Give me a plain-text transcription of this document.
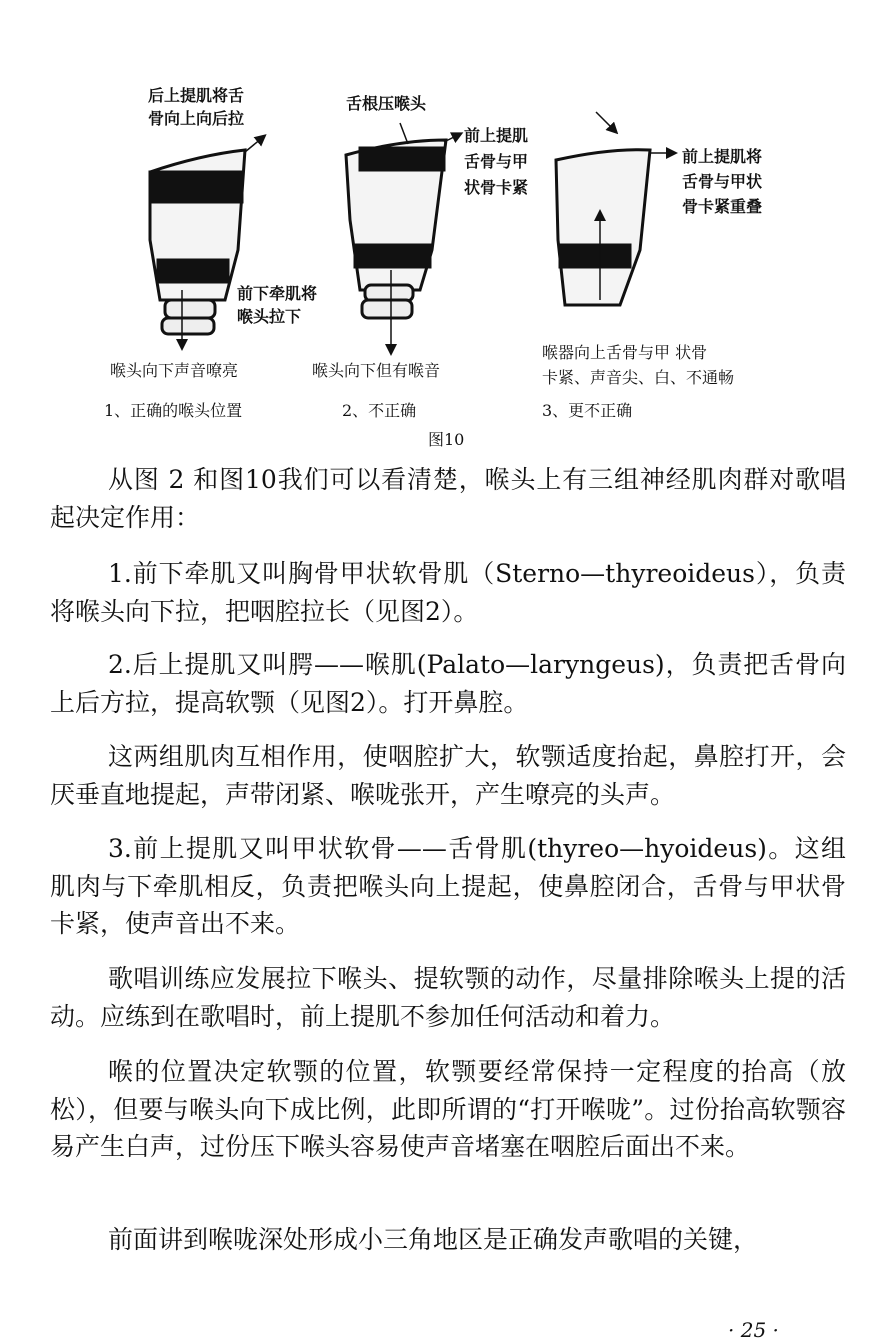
后上提肌将舌
骨向上向后拉
前下牵肌将
喉头拉下
舌根压喉头
前上提肌
舌骨与甲
状骨卡紧
前上提肌将
舌骨与甲状
骨卡紧重叠
喉头向下声音嘹亮	喉头向下但有喉音
喉器向上舌骨与甲 状骨
卡紧、声音尖、白、不通畅
1、正确的喉头位置	2、不正确	3、更不正确
图10
从图 2 和图10我们可以看清楚，喉头上有三组神经肌肉群对歌唱起决定作用：
1.前下牵肌又叫胸骨甲状软骨肌（Sterno—thyreoideus），负责将喉头向下拉，把咽腔拉长（见图2）。
2.后上提肌又叫腭——喉肌(Palato—laryngeus)，负责把舌骨向上后方拉，提高软颚（见图2）。打开鼻腔。
这两组肌肉互相作用，使咽腔扩大，软颚适度抬起，鼻腔打开，会厌垂直地提起，声带闭紧、喉咙张开，产生嘹亮的头声。
3.前上提肌又叫甲状软骨——舌骨肌(thyreo—hyoideus)。这组肌肉与下牵肌相反，负责把喉头向上提起，使鼻腔闭合，舌骨与甲状骨卡紧，使声音出不来。
歌唱训练应发展拉下喉头、提软颚的动作，尽量排除喉头上提的活动。应练到在歌唱时，前上提肌不参加任何活动和着力。
喉的位置决定软颚的位置，软颚要经常保持一定程度的抬高（放松），但要与喉头向下成比例，此即所谓的“打开喉咙”。过份抬高软颚容易产生白声，过份压下喉头容易使声音堵塞在咽腔后面出不来。
前面讲到喉咙深处形成小三角地区是正确发声歌唱的关键，
· 25 ·
